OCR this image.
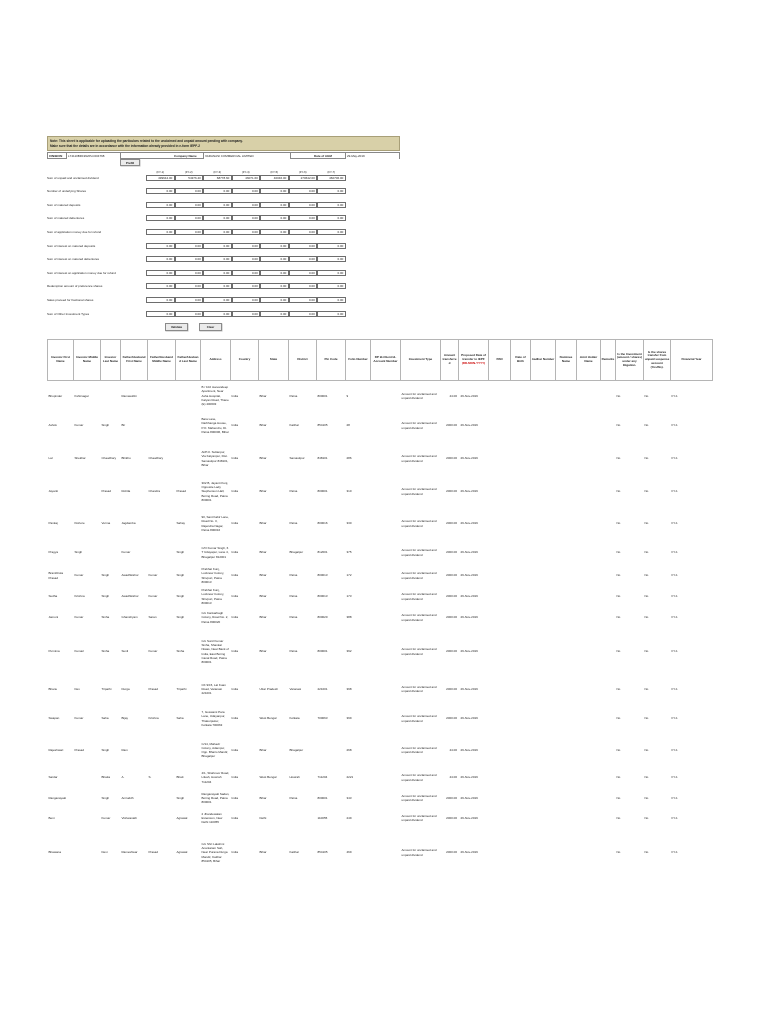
Note: This sheet is applicable for uploading the particulars related to the unclaimed and unpaid amount pending with company.
Make sure that the details are in accordance with the information already provided in e-form IEPF-2
CIN/BCIN	L74110BR1992PLC004768	Company Name	VARANASI COMMERCIAL LIMITED	Date of AGM	29-May-2019
Prefill
(FY-1)	(FY-2)	(FY-3)	(FY-4)	(FY-5)	(FY-6)	(FY-7)
Sum of unpaid and unclaimed dividend	499644.00	54376.40	68778.60	46071.60	40046.00	270642.00	460706.00
Number of underlying Shares	0.00	0.00	0.00	0.00	0.00	0.00	0.00
Sum of matured deposits	0.00	0.00	0.00	0.00	0.00	0.00	0.00
Sum of matured debentures	0.00	0.00	0.00	0.00	0.00	0.00	0.00
Sum of application money due for refund	0.00	0.00	0.00	0.00	0.00	0.00	0.00
Sum of interest on matured deposits	0.00	0.00	0.00	0.00	0.00	0.00	0.00
Sum of interest on matured debentures	0.00	0.00	0.00	0.00	0.00	0.00	0.00
Sum of interest on application money due for refund	0.00	0.00	0.00	0.00	0.00	0.00	0.00
Redemption amount of preference shares	0.00	0.00	0.00	0.00	0.00	0.00	0.00
Sales proceed for fractional shares	0.00	0.00	0.00	0.00	0.00	0.00	0.00
Sum of Other Investment Types	0.00	0.00	0.00	0.00	0.00	0.00	0.00
Validate	Clear
Investor First Name	Investor Middle Name	Investor Last Name	Father/Husband First Name	Father/Husband Middle Name	Father/Husband Last Name	Address	Country	State	District	Pin Code	Folio Number	DP Id-Client Id-Account Number	Investment Type	Amount transferred	Proposed Date of transfer to IEPF
(DD-MON-YYYY)	PAN	Date of Birth	Aadhar Number	Nominee Name	Joint Holder Name	Remarks	Is the Investment (amount / shares) under any litigation.	Is the shares transfer from unpaid suspense account (Yes/No).	Financial Year
Bhupinder	Kshirsagar		Ramasubbi			B / 102 Jeevandeep Apartment, Near Asha Hospital, Kalyan Road, Thane (E) 400603	India	Bihar	Patna	800001	9		Amount for unclaimed and unpaid dividend	44.00	29-Nov-2019							No	No	FY-1
Ashok	Kumar	Singh	Bir			Bara Lane, Darbhanga House, P.O. Mahendru, Dt. Patna 800006, Bihar	India	Bihar	Katihar	854105	28		Amount for unclaimed and unpaid dividend	2000.00	29-Nov-2019							No	No	FY-1
Lal	Shekhar	Chaudhary	Bhikhu	Chaudhary		At/P.O. Sultanpur, Via Kalyanpur, Dist. Samastipur 848101, Bihar	India	Bihar	Samastipur	848101	286		Amount for unclaimed and unpaid dividend	2000.00	29-Nov-2019							No	No	FY-1
Jayanti		Prasad	Rohtla	Chandra	Prasad	302 B, Jayanti Kunj, Opposite Lady Stephenson Hall, Boring Road, Patna 800001	India	Bihar	Patna	800001	310		Amount for unclaimed and unpaid dividend	2000.00	29-Nov-2019							No	No	FY-1
Pankaj	Kishore	Verma	Jagdamba		Sahay	90, Sant Kabir Lane, Road No. 3, Rajendra Nagar, Patna 800016	India	Bihar	Patna	800016	330		Amount for unclaimed and unpaid dividend	2000.00	29-Nov-2019							No	No	FY-1
Pragya	Singh		Kumar		Singh	C/O Kumar Singh, 6 T Udayapur, Lane 4, Bhagalpur 812001	India	Bihar	Bhagalpur	812001	375		Amount for unclaimed and unpaid dividend	2000.00	29-Nov-2019							No	No	FY-1
Brambhola Prasad	Kumar	Singh	Awadhkishor	Kumar	Singh	Prabhat Kunj, Lucknow Colony, Shivpuri, Patna 800013	India	Bihar	Patna	800013	172		Amount for unclaimed and unpaid dividend	2000.00	29-Nov-2019							No	No	FY-1
Sudha	Krishna	Singh	Awadhkishor	Kumar	Singh	Prabhat Kunj, Lucknow Colony, Shivpuri, Patna 800013	India	Bihar	Patna	800013	173		Amount for unclaimed and unpaid dividend	2000.00	29-Nov-2019							No	No	FY-1
Jamuni	Kumar	Sinha	Ghanshyam	Saran	Singh	C/o Kankarbagh Colony, Road No. 2, Patna 800020	India	Bihar	Patna	800020	388		Amount for unclaimed and unpaid dividend	2000.00	29-Nov-2019							No	No	FY-1
Purnima	Kumari	Sinha	Sunil	Kumar	Sinha	C/o Sunil Kumar Sinha, Shankar Niwas, Near Bank of India, East Boring Canal Road, Patna 800001	India	Bihar	Patna	800001	392		Amount for unclaimed and unpaid dividend	2000.00	29-Nov-2019							No	No	FY-1
Bhanu	Dev	Tripathi	Durga	Prasad	Tripathi	CK 9/15, Lal Kuan Road, Varanasi 221001	India	Uttar Pradesh	Varanasi	221001	398		Amount for unclaimed and unpaid dividend	2000.00	29-Nov-2019							No	No	FY-1
Swapan	Kumar	Saha	Bijay	Krishna	Saha	7, Goswami Para Lane, Udayanpur, Thakurpukur, Kolkata 700063	India	West Bengal	Kolkata	700063	399		Amount for unclaimed and unpaid dividend	2000.00	29-Nov-2019							No	No	FY-1
Rajeshwari	Prasad	Singh	Ram			C/14, Mahavir Colony, Adampur, Opp. Bhairo Mandir, Bhagalpur	India	Bihar	Bhagalpur		268		Amount for unclaimed and unpaid dividend	44.00	29-Nov-2019							No	No	FY-1
Sardar		Bhatia	A.	S.	Bhatt	4/1, Shahnoor Road, Liluah, Howrah 711204	India	West Bengal	Howrah	711204	2221		Amount for unclaimed and unpaid dividend	44.00	29-Nov-2019							No	No	FY-1
Ranganayaki		Singh	Aniruddh		Singh	Ranganayaki Sadan, Boring Road, Patna 800001	India	Bihar	Patna	800001	343		Amount for unclaimed and unpaid dividend	2000.00	29-Nov-2019							No	No	FY-1
Beni		Kumar	Vishwanath		Agrawal	2 Jhandewalan Extension, New Delhi 110055	India	Delhi		110055	249		Amount for unclaimed and unpaid dividend	2000.00	29-Nov-2019							No	No	FY-1
Bhawana		Devi	Rameshwar	Prasad	Agrawal	C/o Shri Lakshmi Anantaram Sah, Near Purana Durga Mandir, Katihar 854105, Bihar	India	Bihar	Katihar	854105	469		Amount for unclaimed and unpaid dividend	2000.00	29-Nov-2019							No	No	FY-1
